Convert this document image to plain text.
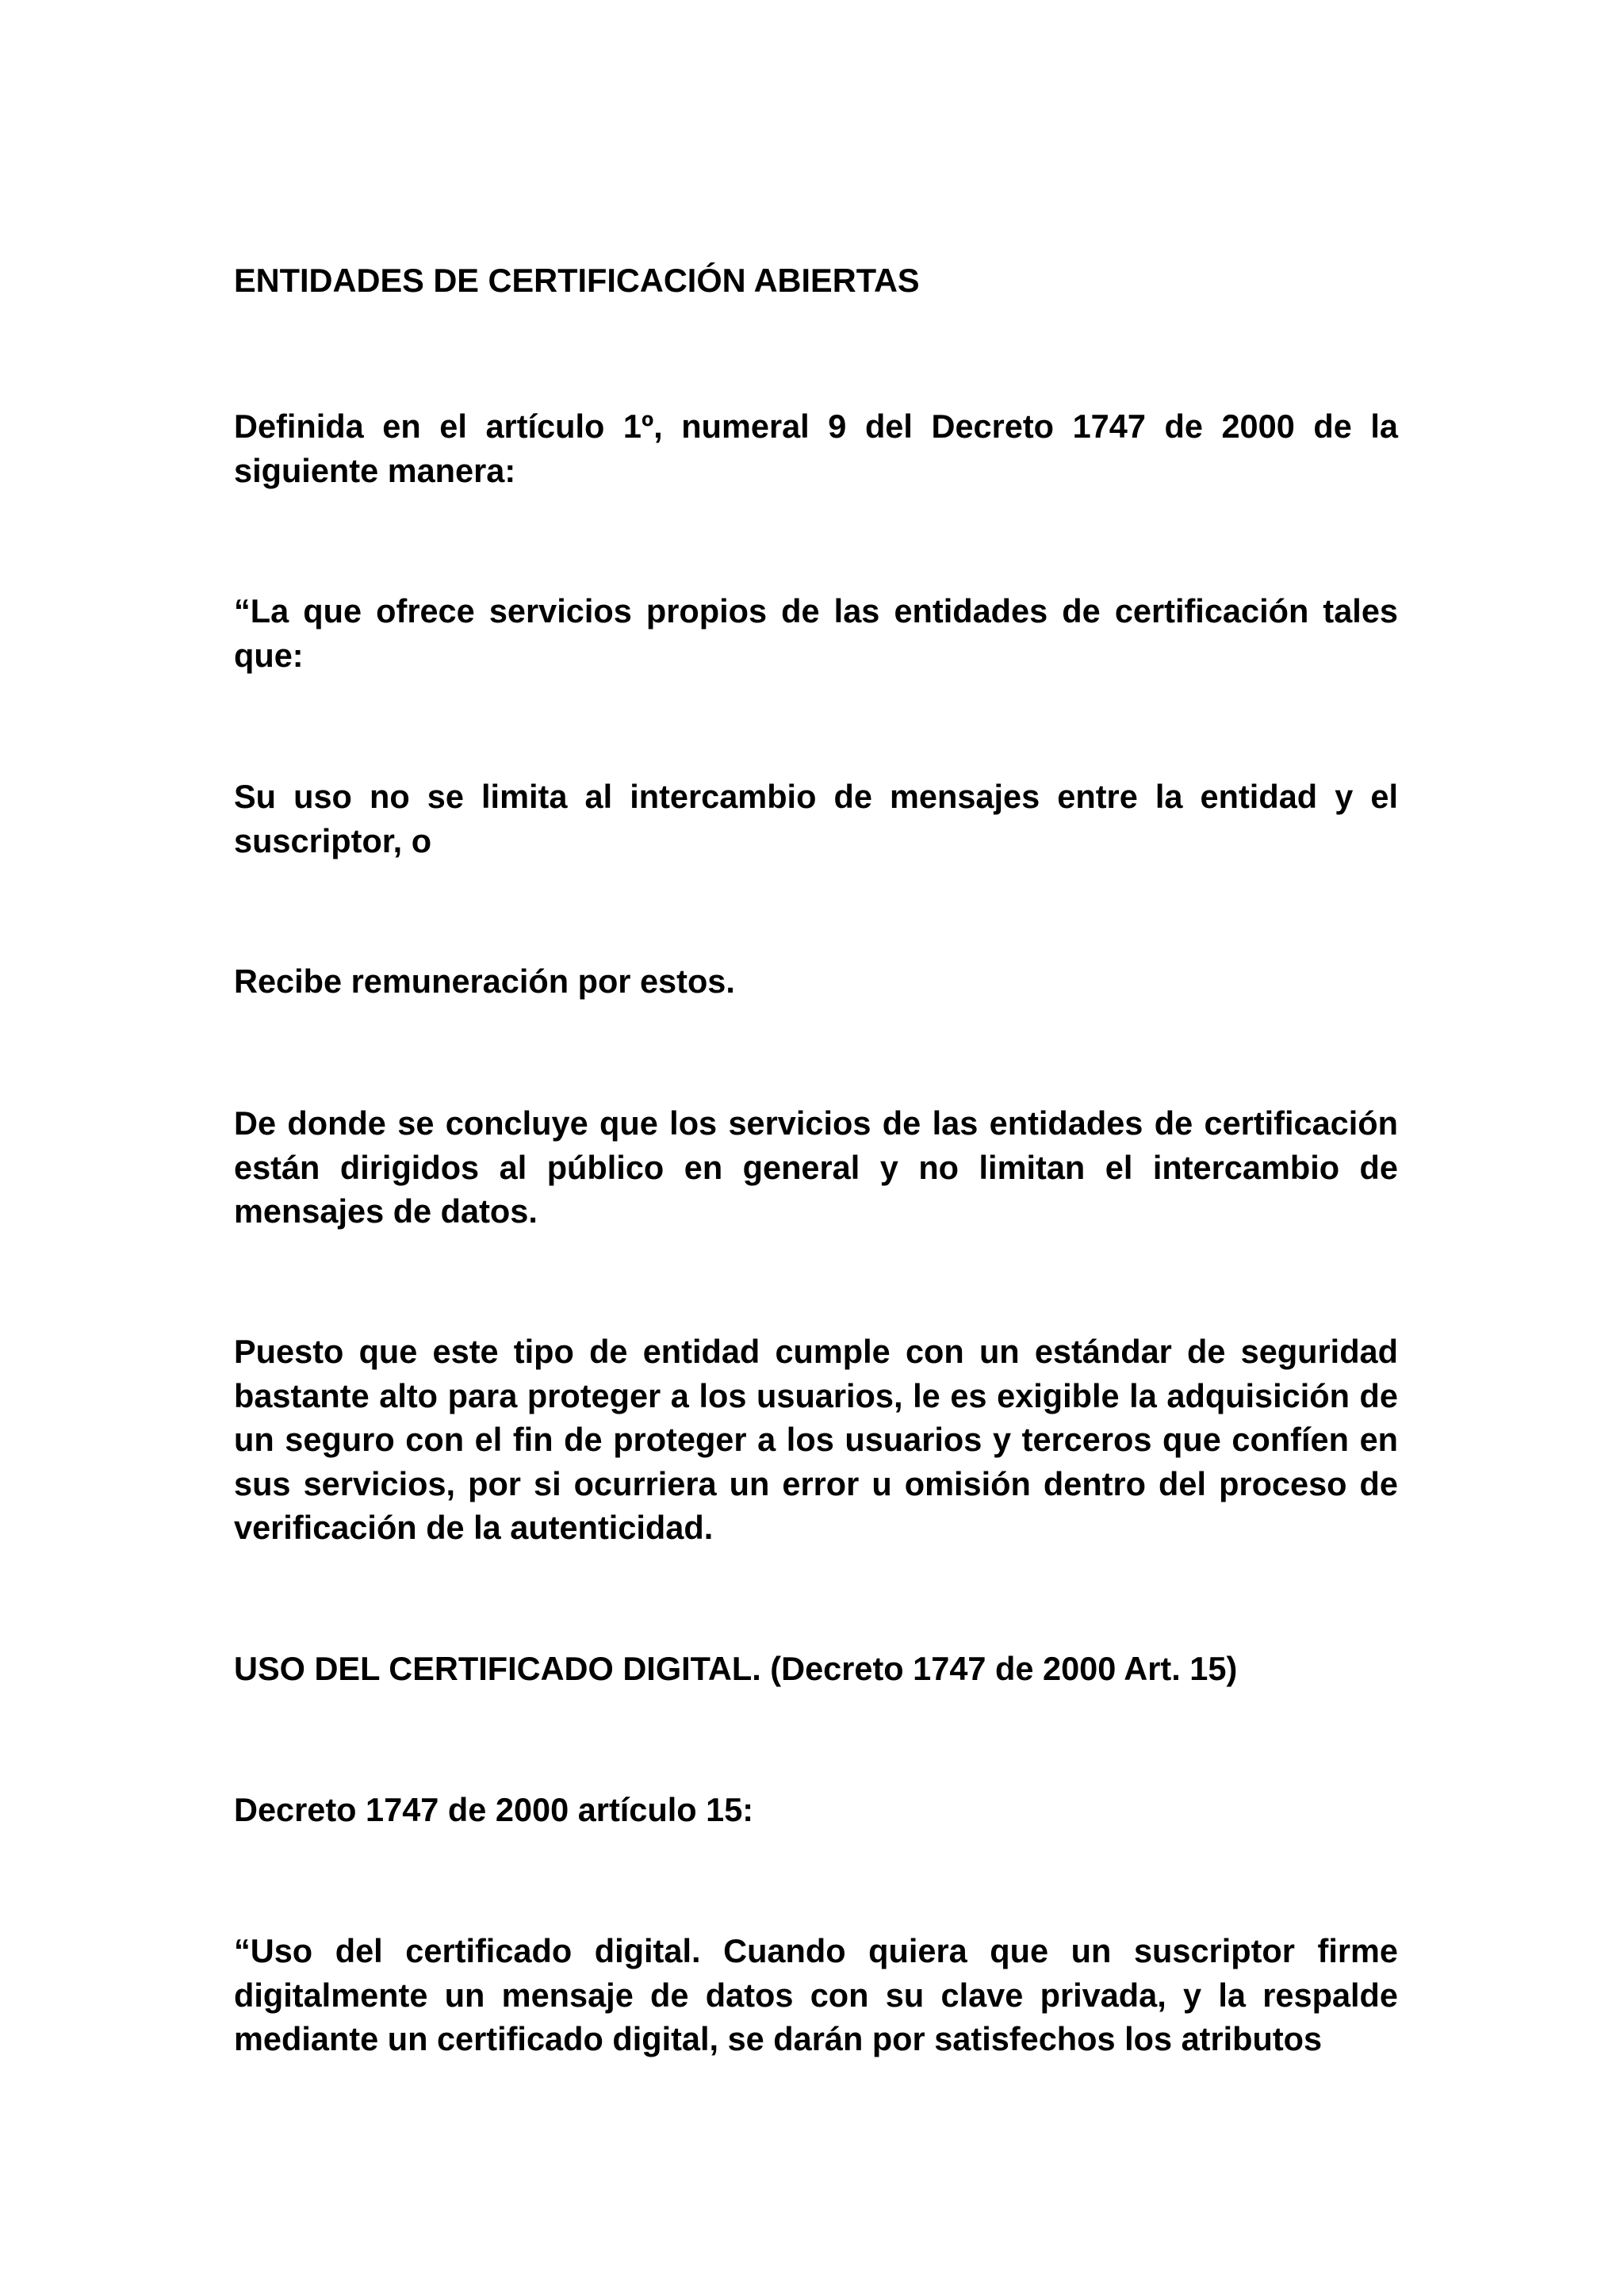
ENTIDADES DE CERTIFICACIÓN ABIERTAS

Definida en el artículo 1º, numeral 9 del Decreto 1747 de 2000 de la siguiente manera:

“La que ofrece servicios propios de las entidades de certificación tales que:

Su uso no se limita al intercambio de mensajes entre la entidad y el suscriptor, o

Recibe remuneración por estos.

De donde se concluye que los servicios de las entidades de certificación están dirigidos al público en general y no limitan el intercambio de mensajes de datos.

Puesto que este tipo de entidad cumple con un estándar de seguridad bastante alto para proteger a los usuarios, le es exigible la adquisición de un seguro con el fin de proteger a los usuarios y terceros que confíen en sus servicios, por si ocurriera un error u omisión dentro del proceso de verificación de la autenticidad.

USO DEL CERTIFICADO DIGITAL. (Decreto 1747 de 2000 Art. 15)

Decreto 1747 de 2000 artículo 15:

“Uso del certificado digital. Cuando quiera que un suscriptor firme digitalmente un mensaje de datos con su clave privada, y la respalde mediante un certificado digital, se darán por satisfechos los atributos
